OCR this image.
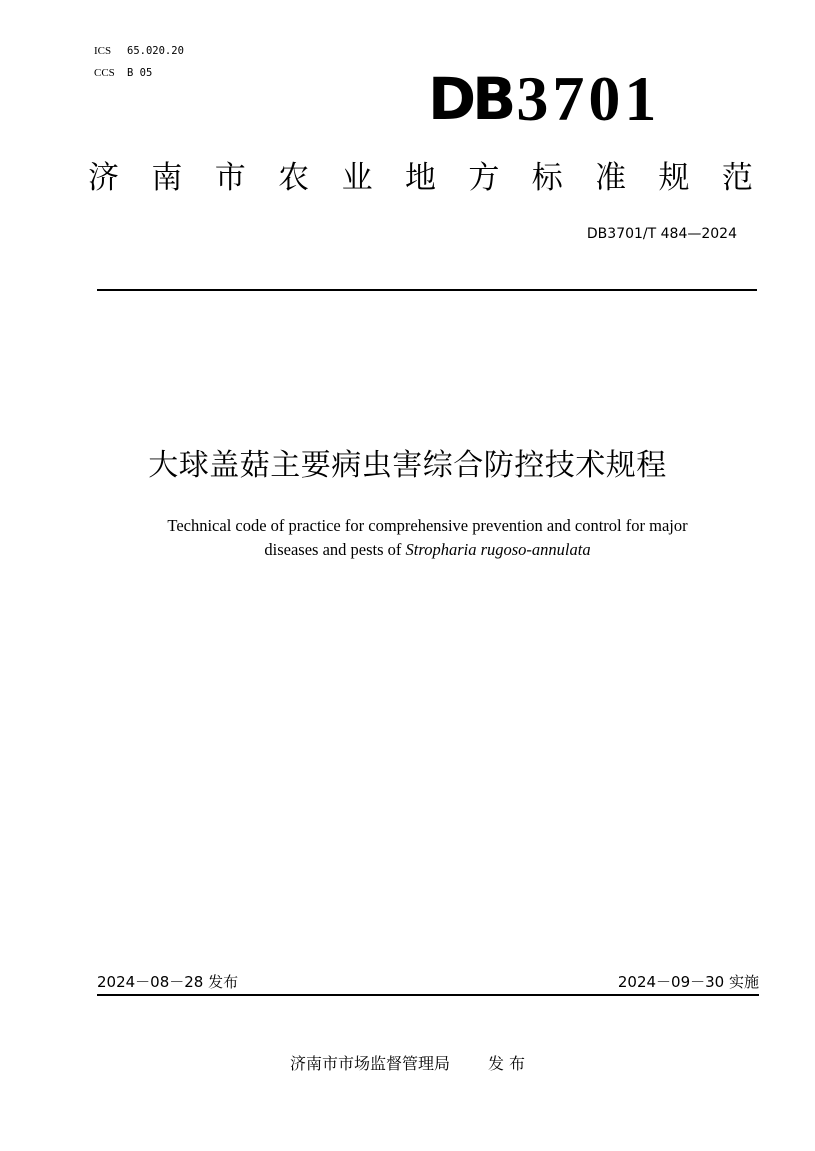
ICS 65.020.20
CCS B 05	DB3701
济 南 市 农 业 地 方 标 准 规 范
DB3701/T 484—2024
大球盖菇主要病虫害综合防控技术规程
Technical code of practice for comprehensive prevention and control for major
diseases and pests of Stropharia rugoso-annulata
2024－08－28 发布	2024－09－30 实施
济南市市场监督管理局 发 布
